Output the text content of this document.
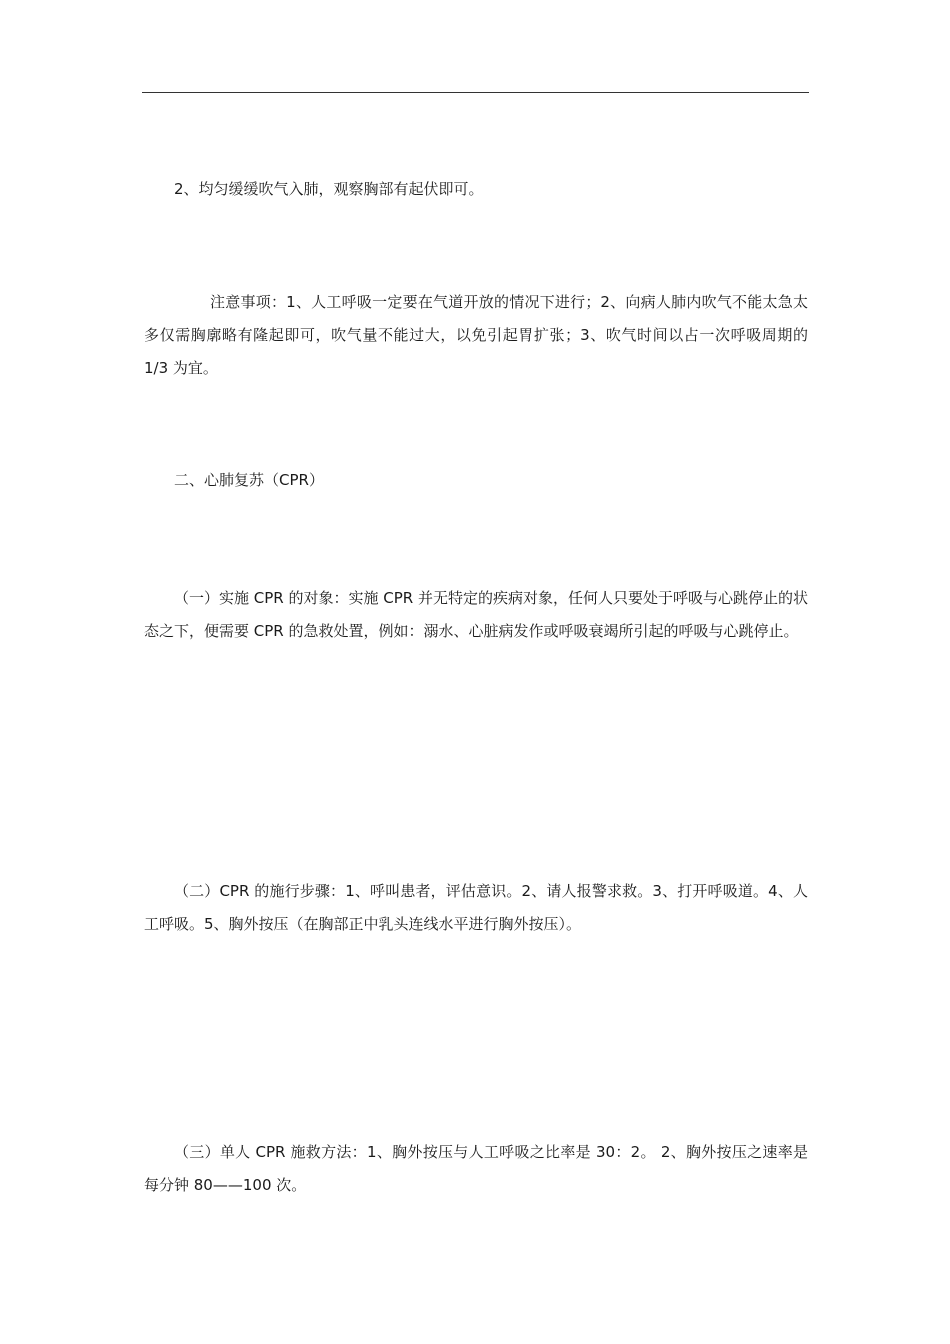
2、均匀缓缓吹气入肺，观察胸部有起伏即可。

注意事项：1、人工呼吸一定要在气道开放的情况下进行；2、向病人肺内吹气不能太急太多仅需胸廓略有隆起即可，吹气量不能过大，以免引起胃扩张；3、吹气时间以占一次呼吸周期的 1/3 为宜。

二、心肺复苏（CPR）

（一）实施 CPR 的对象：实施 CPR 并无特定的疾病对象，任何人只要处于呼吸与心跳停止的状态之下，便需要 CPR 的急救处置，例如：溺水、心脏病发作或呼吸衰竭所引起的呼吸与心跳停止。

（二）CPR 的施行步骤：1、呼叫患者，评估意识。2、请人报警求救。3、打开呼吸道。4、人工呼吸。5、胸外按压（在胸部正中乳头连线水平进行胸外按压）。

（三）单人 CPR 施救方法：1、胸外按压与人工呼吸之比率是 30：2。 2、胸外按压之速率是每分钟 80——100 次。
